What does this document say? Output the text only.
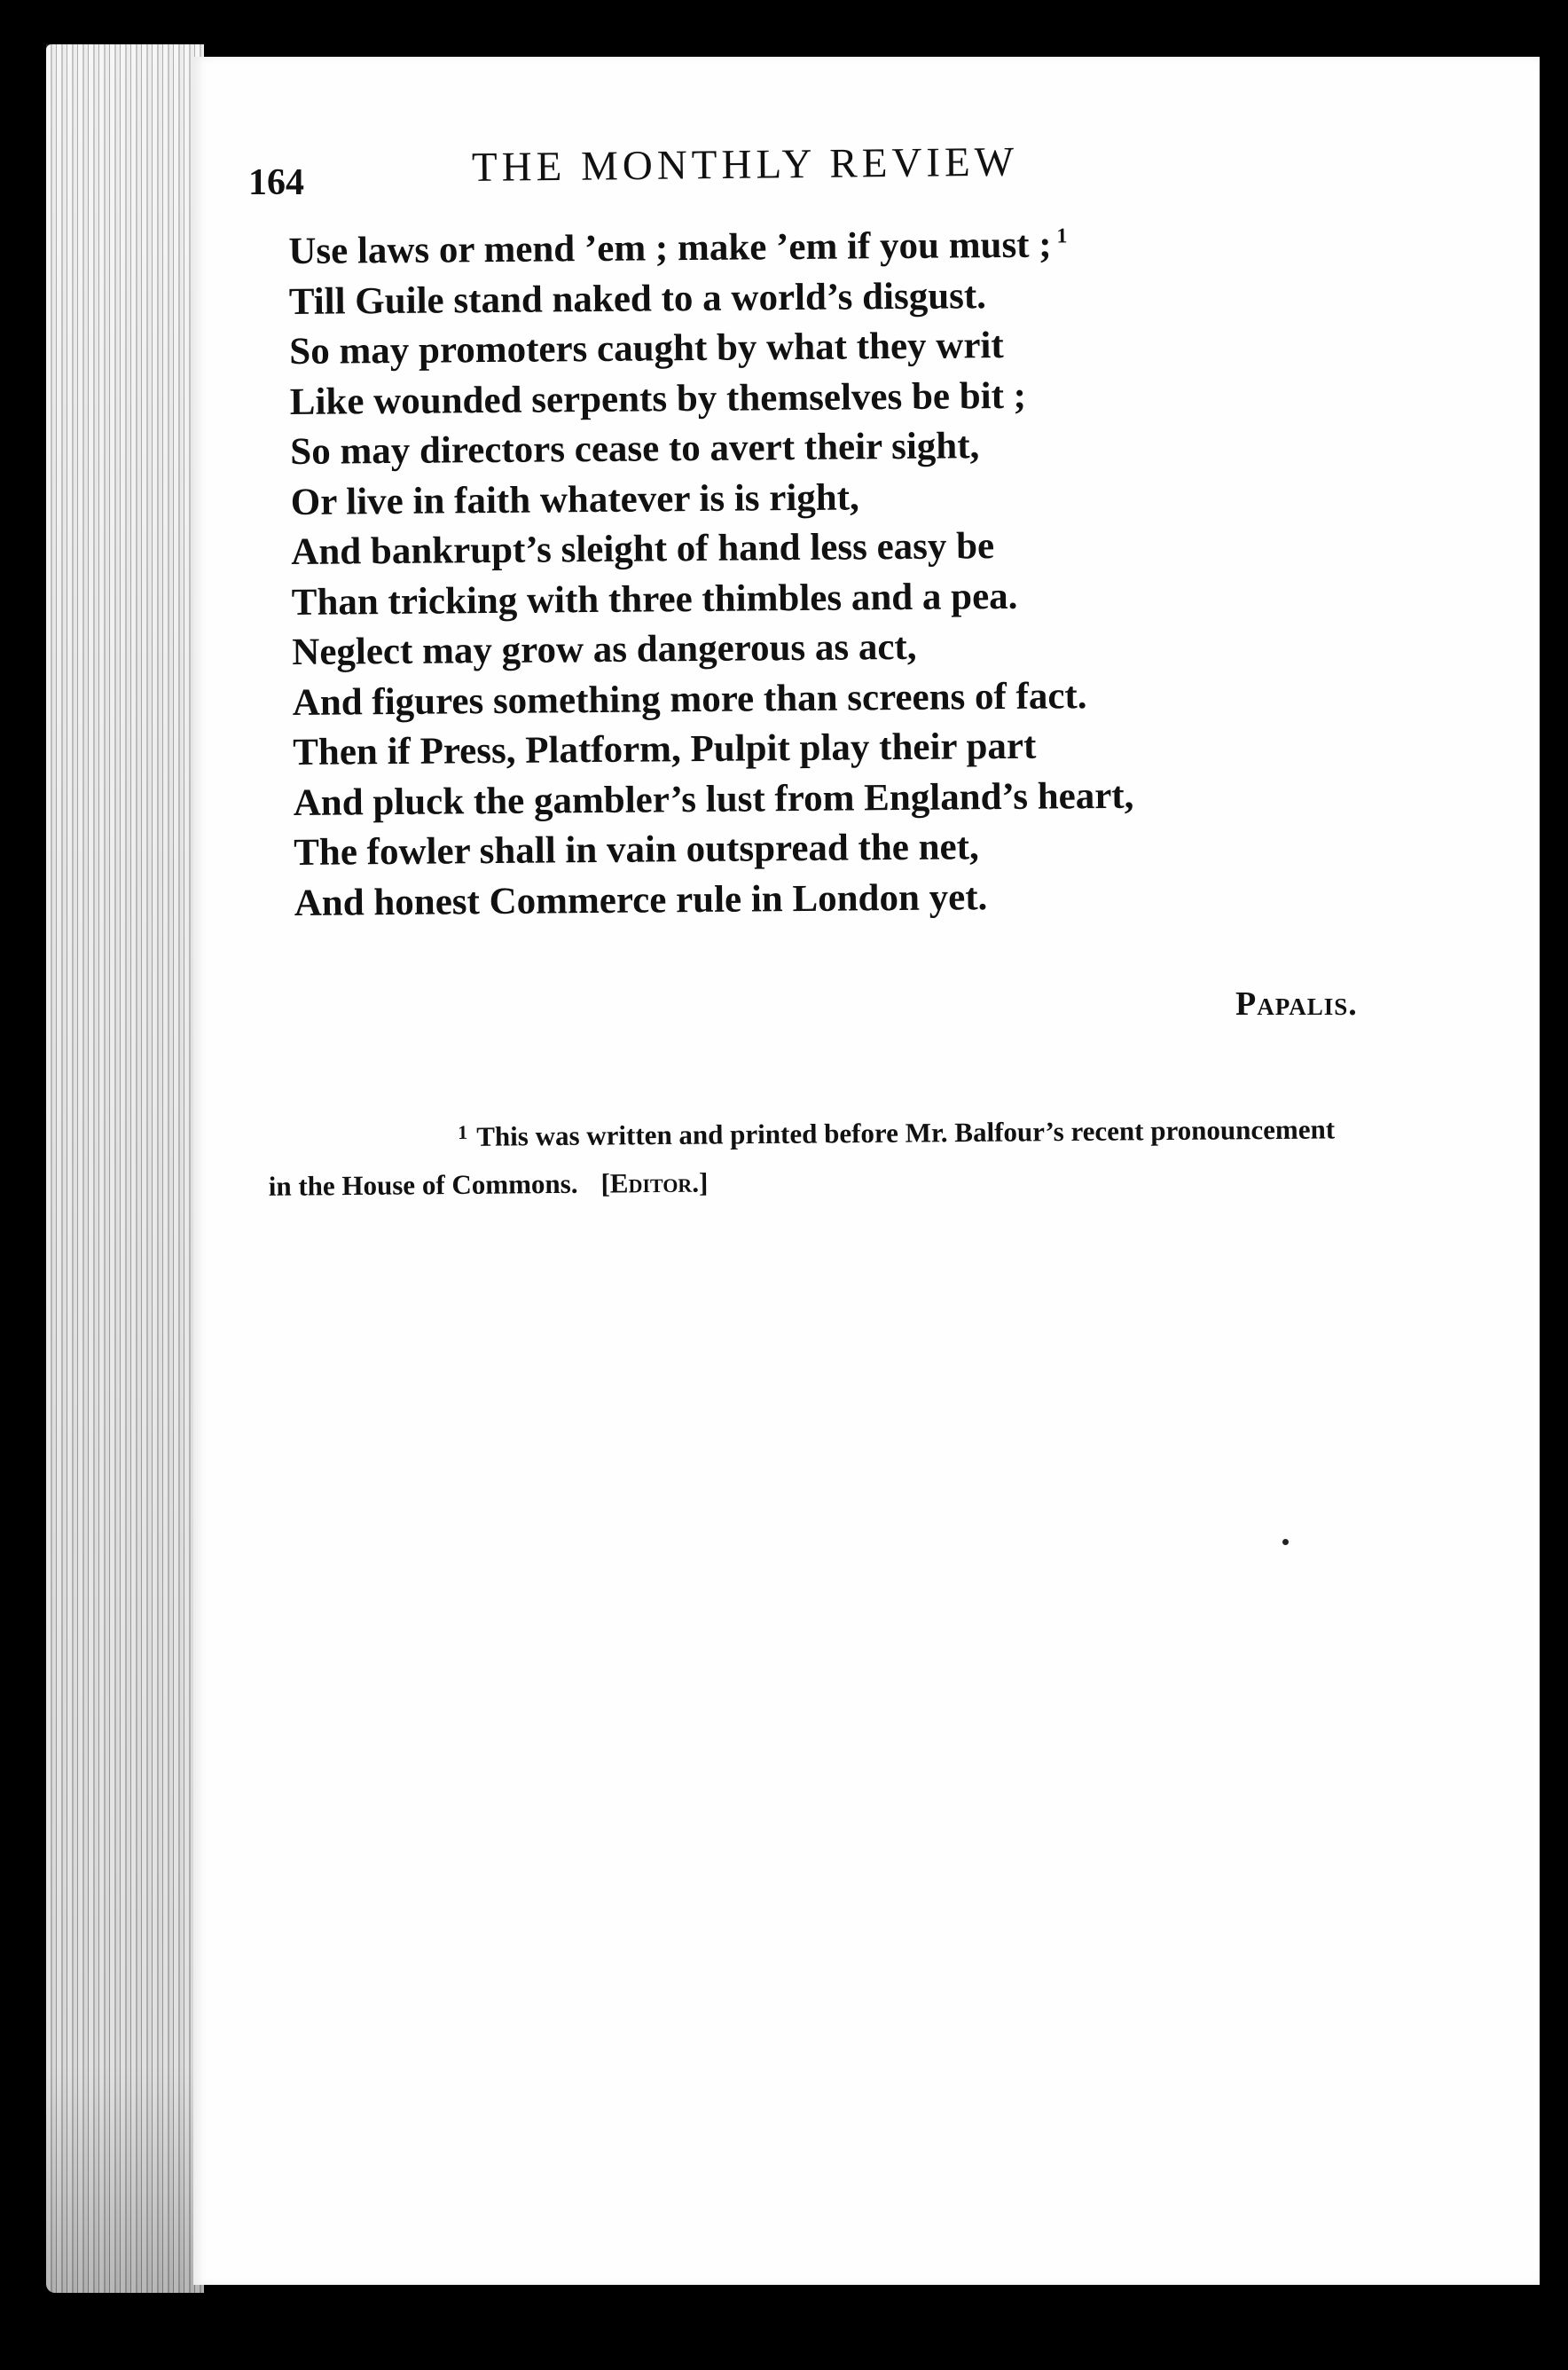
164	THE MONTHLY REVIEW
Use laws or mend ’em ; make ’em if you must ; $^1$
Till Guile stand naked to a world’s disgust.
So may promoters caught by what they writ
Like wounded serpents by themselves be bit ;
So may directors cease to avert their sight,
Or live in faith whatever is is right,
And bankrupt’s sleight of hand less easy be
Than tricking with three thimbles and a pea.
Neglect may grow as dangerous as act,
And figures something more than screens of fact.
Then if Press, Platform, Pulpit play their part
And pluck the gambler’s lust from England’s heart,
The fowler shall in vain outspread the net,
And honest Commerce rule in London yet.
Papalis.
$^1$ This was written and printed before Mr. Balfour’s recent pronouncement
in the House of Commons. [Editor.]
